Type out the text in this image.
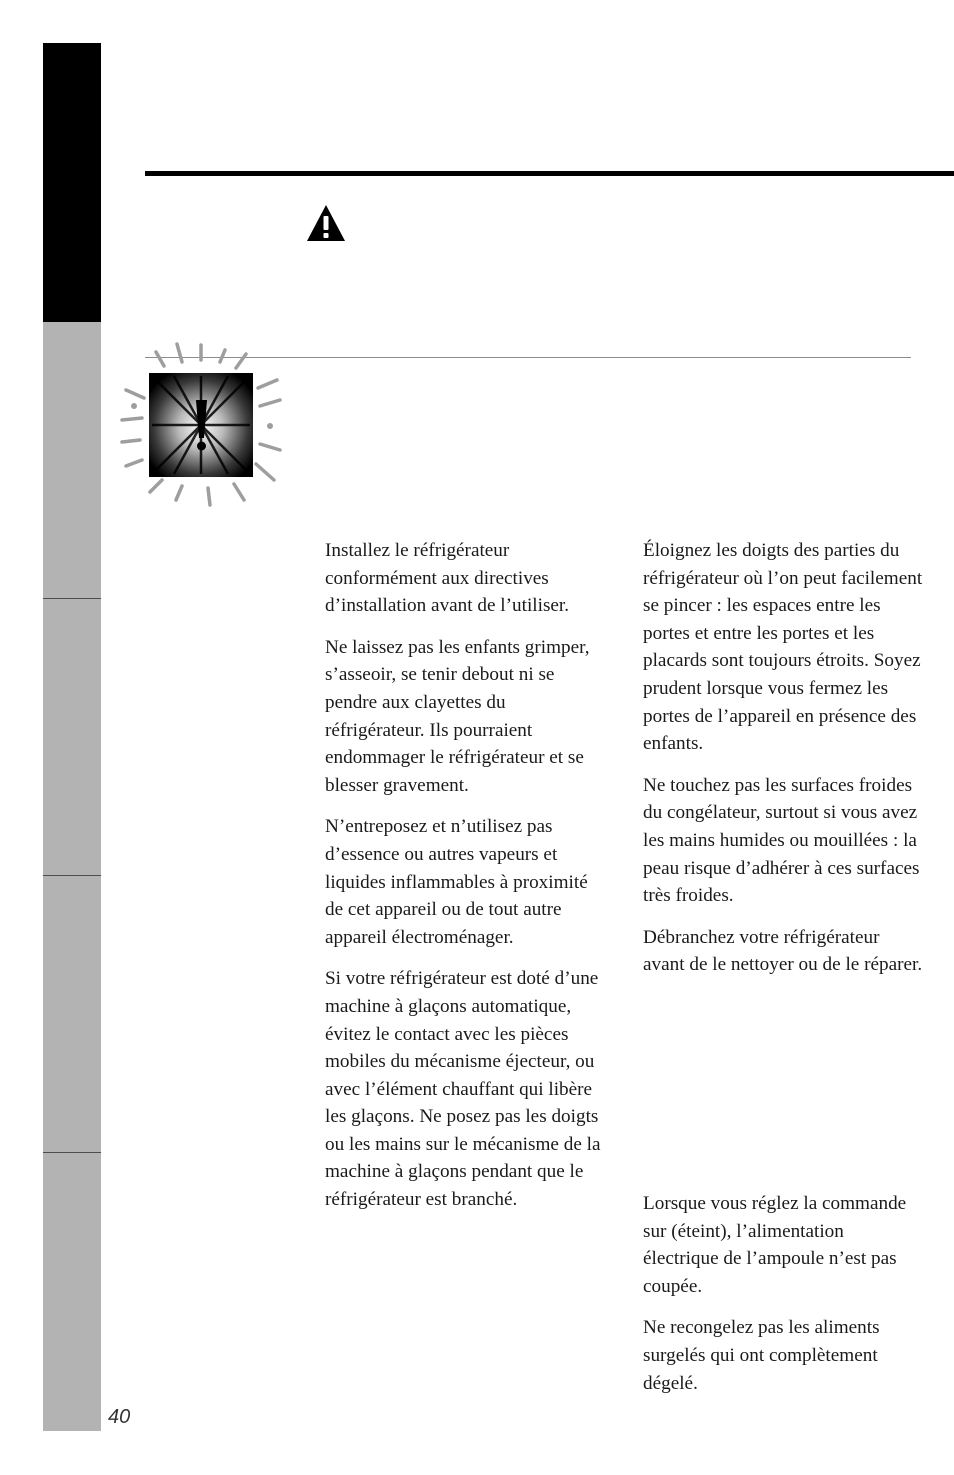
Installez le réfrigérateur conformément aux directives d’installation avant de l’utiliser.

Ne laissez pas les enfants grimper, s’asseoir, se tenir debout ni se pendre aux clayettes du réfrigérateur. Ils pourraient endommager le réfrigérateur et se blesser gravement.

N’entreposez et n’utilisez pas d’essence ou autres vapeurs et liquides inflammables à proximité de cet appareil ou de tout autre appareil électroménager.

Si votre réfrigérateur est doté d’une machine à glaçons automatique, évitez le contact avec les pièces mobiles du mécanisme éjecteur, ou avec l’élément chauffant qui libère les glaçons. Ne posez pas les doigts ou les mains sur le mécanisme de la machine à glaçons pendant que le réfrigérateur est branché.

Éloignez les doigts des parties du réfrigérateur où l’on peut facilement se pincer : les espaces entre les portes et entre les portes et les placards sont toujours étroits. Soyez prudent lorsque vous fermez les portes de l’appareil en présence des enfants.

Ne touchez pas les surfaces froides du congélateur, surtout si vous avez les mains humides ou mouillées : la peau risque d’adhérer à ces surfaces très froides.

Débranchez votre réfrigérateur avant de le nettoyer ou de le réparer.

Lorsque vous réglez la commande sur (éteint), l’alimentation électrique de l’ampoule n’est pas coupée.

Ne recongelez pas les aliments surgelés qui ont complètement dégelé.

40
